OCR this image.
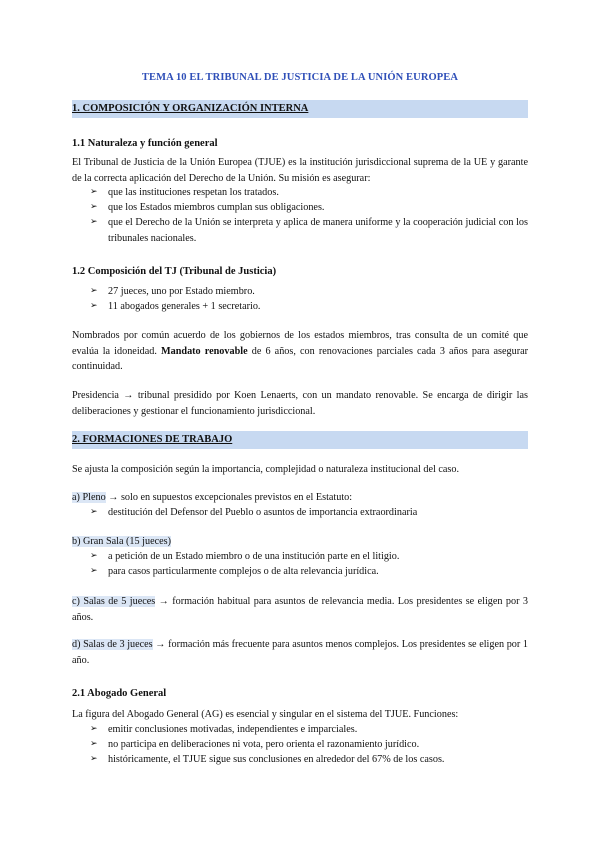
TEMA 10 EL TRIBUNAL DE JUSTICIA DE LA UNIÓN EUROPEA
1. COMPOSICIÓN Y ORGANIZACIÓN INTERNA
1.1 Naturaleza y función general
El Tribunal de Justicia de la Unión Europea (TJUE) es la institución jurisdiccional suprema de la UE y garante de la correcta aplicación del Derecho de la Unión. Su misión es asegurar:
➢ que las instituciones respetan los tratados.
➢ que los Estados miembros cumplan sus obligaciones.
➢ que el Derecho de la Unión se interpreta y aplica de manera uniforme y la cooperación judicial con los tribunales nacionales.
1.2 Composición del TJ (Tribunal de Justicia)
➢ 27 jueces, uno por Estado miembro.
➢ 11 abogados generales + 1 secretario.
Nombrados por común acuerdo de los gobiernos de los estados miembros, tras consulta de un comité que evalúa la idoneidad. Mandato renovable de 6 años, con renovaciones parciales cada 3 años para asegurar continuidad.
Presidencia → tribunal presidido por Koen Lenaerts, con un mandato renovable. Se encarga de dirigir las deliberaciones y gestionar el funcionamiento jurisdiccional.
2. FORMACIONES DE TRABAJO
Se ajusta la composición según la importancia, complejidad o naturaleza institucional del caso.
a) Pleno → solo en supuestos excepcionales previstos en el Estatuto:
➢ destitución del Defensor del Pueblo o asuntos de importancia extraordinaria
b) Gran Sala (15 jueces)
➢ a petición de un Estado miembro o de una institución parte en el litigio.
➢ para casos particularmente complejos o de alta relevancia jurídica.
c) Salas de 5 jueces → formación habitual para asuntos de relevancia media. Los presidentes se eligen por 3 años.
d) Salas de 3 jueces → formación más frecuente para asuntos menos complejos. Los presidentes se eligen por 1 año.
2.1 Abogado General
La figura del Abogado General (AG) es esencial y singular en el sistema del TJUE. Funciones:
➢ emitir conclusiones motivadas, independientes e imparciales.
➢ no participa en deliberaciones ni vota, pero orienta el razonamiento jurídico.
➢ históricamente, el TJUE sigue sus conclusiones en alrededor del 67% de los casos.
